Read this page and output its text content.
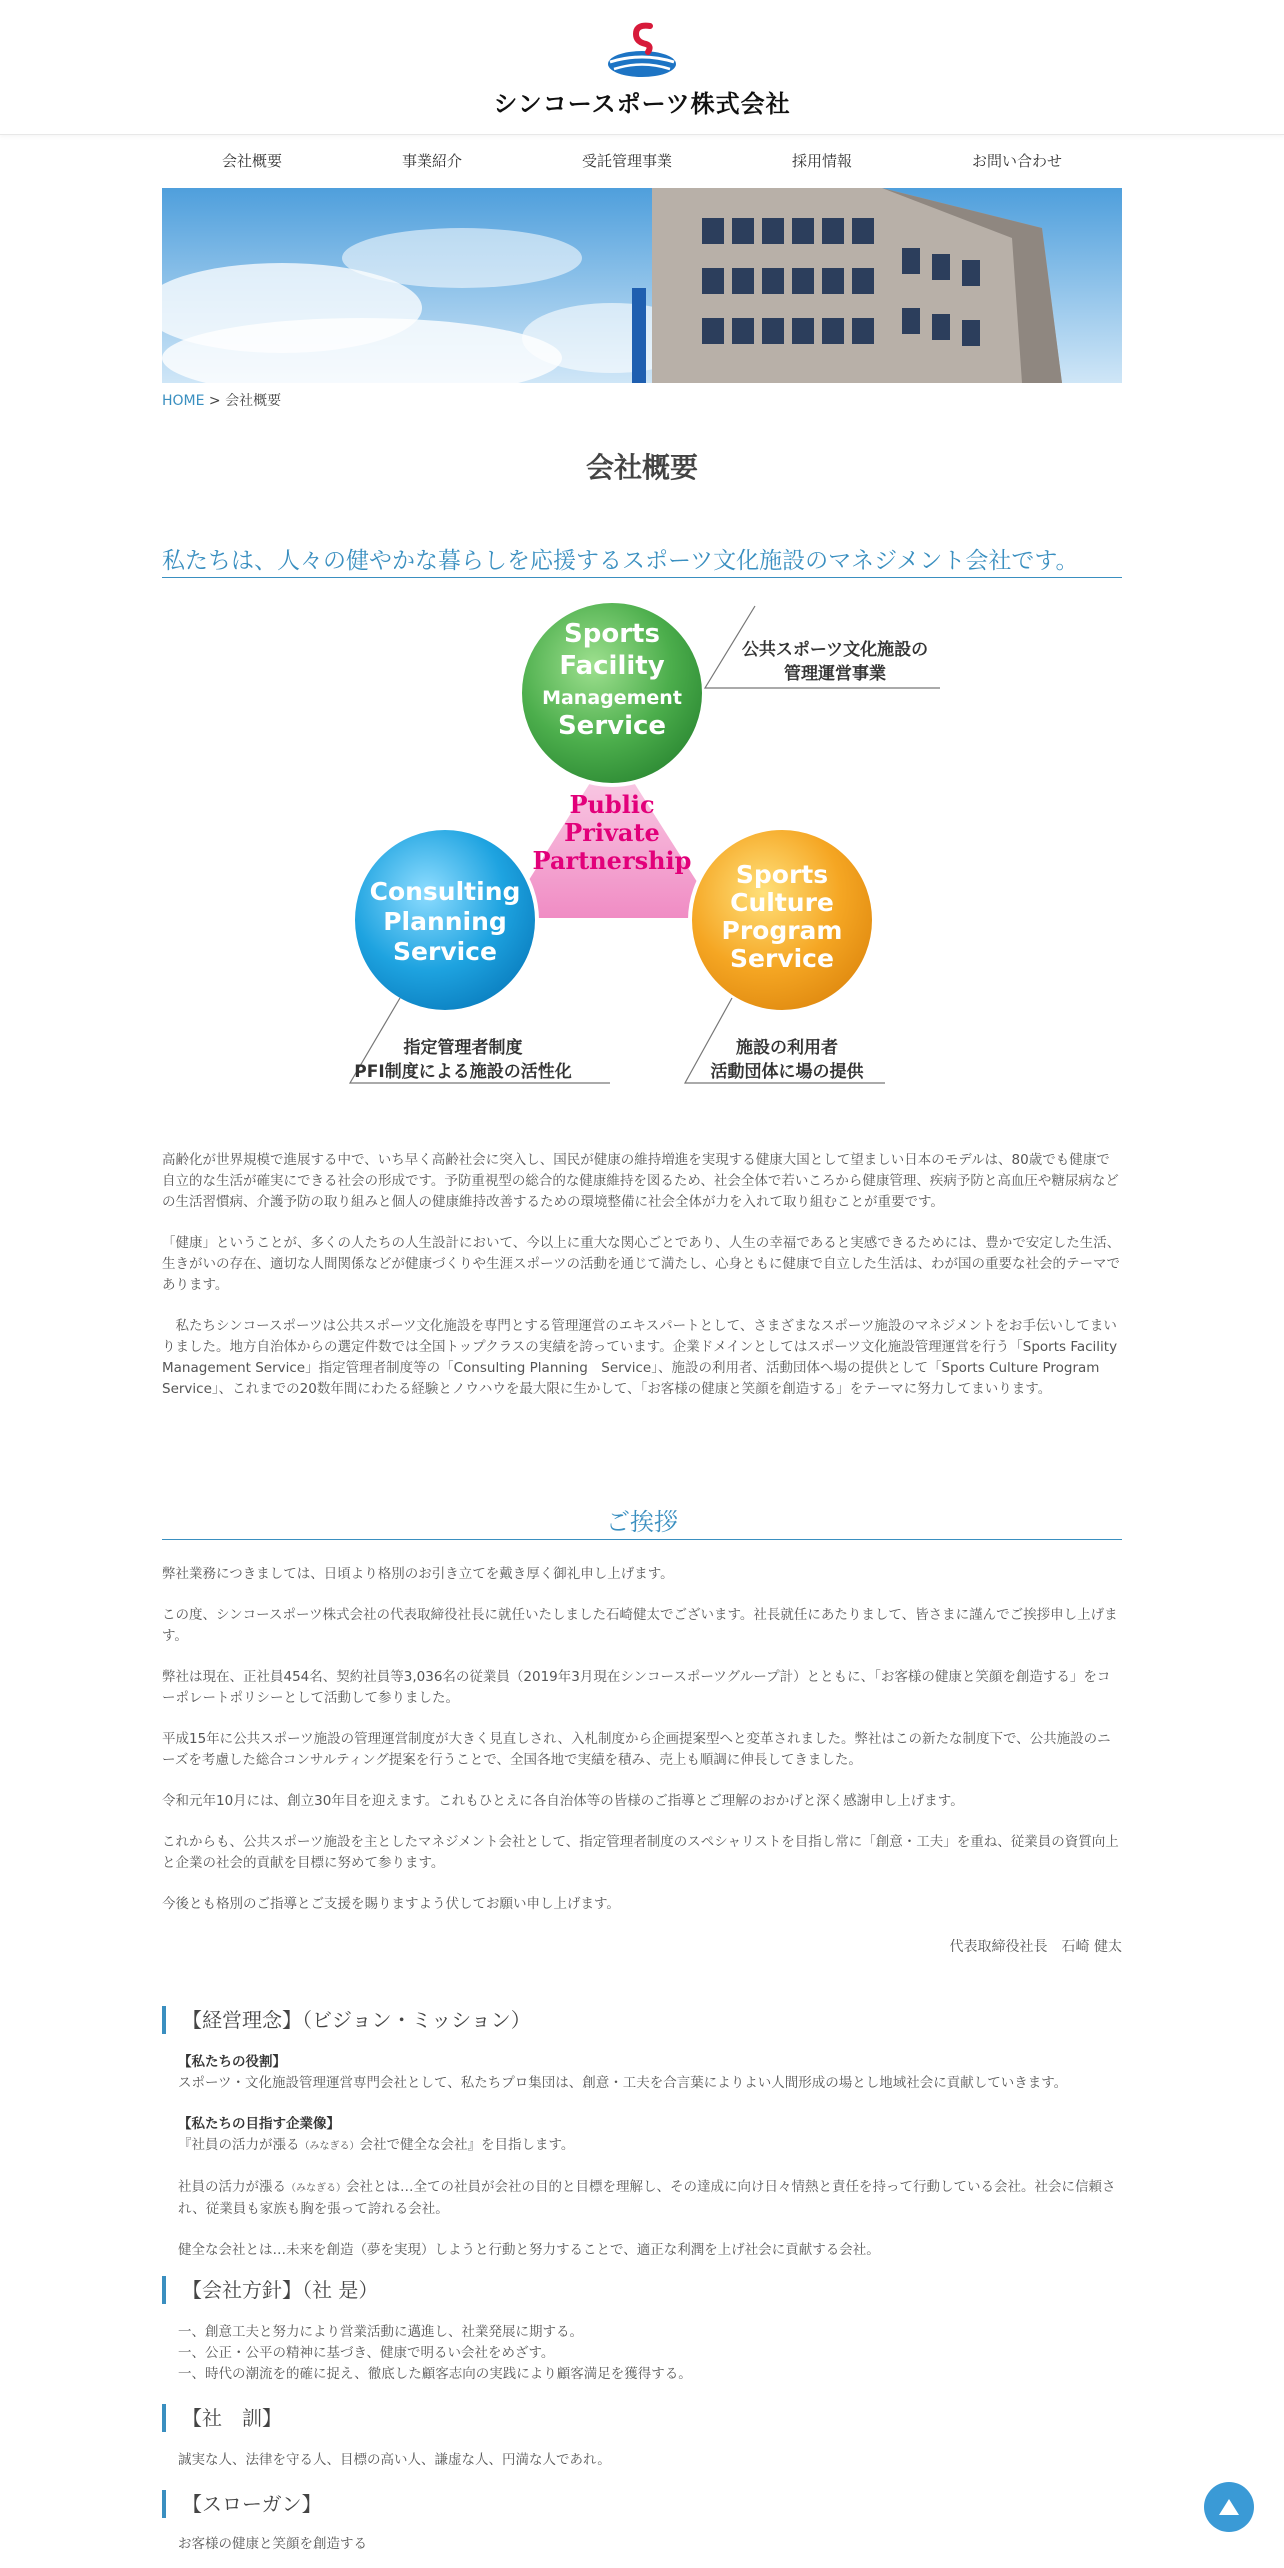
シンコースポーツ株式会社
会社概要	事業紹介	受託管理事業	採用情報	お問い合わせ
HOME > 会社概要
会社概要
私たちは、人々の健やかな暮らしを応援するスポーツ文化施設のマネジメント会社です。
Public
Private
Partnership
Sports
Facility
Management
Service
Consulting
Planning
Service
Sports
Culture
Program
Service
公共スポーツ文化施設の
管理運営事業
指定管理者制度
PFI制度による施設の活性化
施設の利用者
活動団体に場の提供

高齢化が世界規模で進展する中で、いち早く高齢社会に突入し、国民が健康の維持増進を実現する健康大国として望ましい日本のモデルは、80歳でも健康で自立的な生活が確実にできる社会の形成です。予防重視型の総合的な健康維持を図るため、社会全体で若いころから健康管理、疾病予防と高血圧や糖尿病などの生活習慣病、介護予防の取り組みと個人の健康維持改善するための環境整備に社会全体が力を入れて取り組むことが重要です。

「健康」ということが、多くの人たちの人生設計において、今以上に重大な関心ごとであり、人生の幸福であると実感できるためには、豊かで安定した生活、生きがいの存在、適切な人間関係などが健康づくりや生涯スポーツの活動を通じて満たし、心身ともに健康で自立した生活は、わが国の重要な社会的テーマであります。

　私たちシンコースポーツは公共スポーツ文化施設を専門とする管理運営のエキスパートとして、さまざまなスポーツ施設のマネジメントをお手伝いしてまいりました。地方自治体からの選定件数では全国トップクラスの実績を誇っています。企業ドメインとしてはスポーツ文化施設管理運営を行う「Sports Facility Management Service」指定管理者制度等の「Consulting Planning　Service」、施設の利用者、活動団体へ場の提供として「Sports Culture Program Service」、これまでの20数年間にわたる経験とノウハウを最大限に生かして、「お客様の健康と笑顔を創造する」をテーマに努力してまいります。

ご挨拶

弊社業務につきましては、日頃より格別のお引き立てを戴き厚く御礼申し上げます。

この度、シンコースポーツ株式会社の代表取締役社長に就任いたしました石崎健太でございます。社長就任にあたりまして、皆さまに謹んでご挨拶申し上げます。

弊社は現在、正社員454名、契約社員等3,036名の従業員（2019年3月現在シンコースポーツグループ計）とともに、「お客様の健康と笑顔を創造する」をコーポレートポリシーとして活動して参りました。

平成15年に公共スポーツ施設の管理運営制度が大きく見直しされ、入札制度から企画提案型へと変革されました。弊社はこの新たな制度下で、公共施設のニーズを考慮した総合コンサルティング提案を行うことで、全国各地で実績を積み、売上も順調に伸長してきました。

令和元年10月には、創立30年目を迎えます。これもひとえに各自治体等の皆様のご指導とご理解のおかげと深く感謝申し上げます。

これからも、公共スポーツ施設を主としたマネジメント会社として、指定管理者制度のスペシャリストを目指し常に「創意・工夫」を重ね、従業員の資質向上と企業の社会的貢献を目標に努めて参ります。

今後とも格別のご指導とご支援を賜りますよう伏してお願い申し上げます。

代表取締役社長　石崎 健太
【経営理念】（ビジョン・ミッション）

【私たちの役割】
スポーツ・文化施設管理運営専門会社として、私たちプロ集団は、創意・工夫を合言葉によりよい人間形成の場とし地域社会に貢献していきます。

【私たちの目指す企業像】
『社員の活力が漲る（みなぎる）会社で健全な会社』を目指します。

社員の活力が漲る（みなぎる）会社とは…全ての社員が会社の目的と目標を理解し、その達成に向け日々情熱と責任を持って行動している会社。社会に信頼され、従業員も家族も胸を張って誇れる会社。

健全な会社とは…未来を創造（夢を実現）しようと行動と努力することで、適正な利潤を上げ社会に貢献する会社。

【会社方針】（社 是）
一、創意工夫と努力により営業活動に邁進し、社業発展に期する。
一、公正・公平の精神に基づき、健康で明るい会社をめざす。
一、時代の潮流を的確に捉え、徹底した顧客志向の実践により顧客満足を獲得する。
【社　訓】
誠実な人、法律を守る人、目標の高い人、謙虚な人、円満な人であれ。
【スローガン】
お客様の健康と笑顔を創造する
